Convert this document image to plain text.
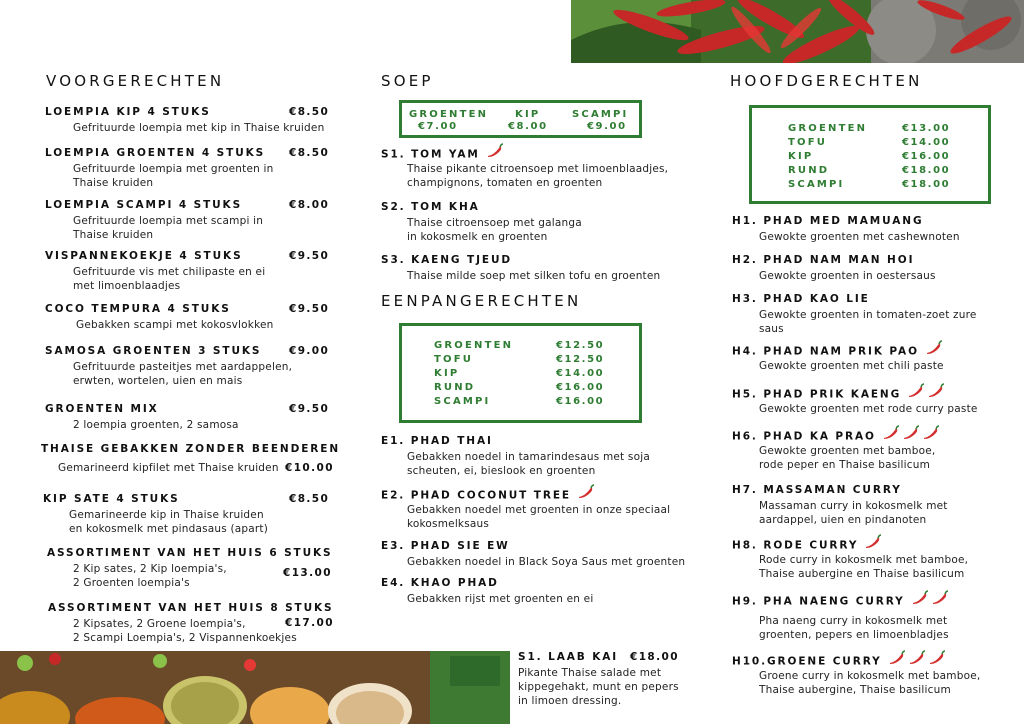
VOORGERECHTEN
LOEMPIA KIP 4 STUKS	€8.50
Gefrituurde loempia met kip in Thaise kruiden
LOEMPIA GROENTEN 4 STUKS €8.50
Gefrituurde loempia met groenten in
Thaise kruiden
LOEMPIA SCAMPI 4 STUKS	€8.00
Gefrituurde loempia met scampi in
Thaise kruiden
VISPANNEKOEKJE 4 STUKS	€9.50
Gefrituurde vis met chilipaste en ei
met limoenblaadjes
COCO TEMPURA 4 STUKS	€9.50
Gebakken scampi met kokosvlokken
SAMOSA GROENTEN 3 STUKS	€9.00
Gefrituurde pasteitjes met aardappelen,
erwten, wortelen, uien en mais
GROENTEN MIX	€9.50
2 loempia groenten, 2 samosa
THAISE GEBAKKEN ZONDER BEENDEREN
€10.00
Gemarineerd kipfilet met Thaise kruiden
KIP SATE 4 STUKS	€8.50
Gemarineerde kip in Thaise kruiden
en kokosmelk met pindasaus (apart)
ASSORTIMENT VAN HET HUIS 6 STUKS
€13.00
2 Kip sates, 2 Kip loempia's,
2 Groenten loempia's
ASSORTIMENT VAN HET HUIS 8 STUKS
€17.00
2 Kipsates, 2 Groene loempia's,
2 Scampi Loempia's, 2 Vispannenkoekjes
SOEP
GROENTEN
€7.00
KIP
€8.00
SCAMPI
€9.00
S1. TOM YAM
Thaise pikante citroensoep met limoenblaadjes,
champignons, tomaten en groenten
S2. TOM KHA
Thaise citroensoep met galanga
in kokosmelk en groenten
S3. KAENG TJEUD
Thaise milde soep met silken tofu en groenten
EENPANGERECHTEN
GROENTEN	€12.50
TOFU	€12.50
KIP	€14.00
RUND	€16.00
SCAMPI	€16.00
E1. PHAD THAI
Gebakken noedel in tamarindesaus met soja
scheuten, ei, bieslook en groenten
E2. PHAD COCONUT TREE
Gebakken noedel met groenten in onze speciaal
kokosmelksaus
E3. PHAD SIE EW
Gebakken noedel in Black Soya Saus met groenten
E4. KHAO PHAD
Gebakken rijst met groenten en ei
S1. LAAB KAI €18.00
Pikante Thaise salade met
kippegehakt, munt en pepers
in limoen dressing.
HOOFDGERECHTEN
GROENTEN	€13.00
TOFU	€14.00
KIP	€16.00
RUND	€18.00
SCAMPI	€18.00
H1. PHAD MED MAMUANG
Gewokte groenten met cashewnoten
H2. PHAD NAM MAN HOI
Gewokte groenten in oestersaus
H3. PHAD KAO LIE
Gewokte groenten in tomaten-zoet zure
saus
H4. PHAD NAM PRIK PAO
Gewokte groenten met chili paste
H5. PHAD PRIK KAENG
Gewokte groenten met rode curry paste
H6. PHAD KA PRAO
Gewokte groenten met bamboe,
rode peper en Thaise basilicum
H7. MASSAMAN CURRY
Massaman curry in kokosmelk met
aardappel, uien en pindanoten
H8. RODE CURRY
Rode curry in kokosmelk met bamboe,
Thaise aubergine en Thaise basilicum
H9. PHA NAENG CURRY
Pha naeng curry in kokosmelk met
groenten, pepers en limoenbladjes
H10.GROENE CURRY
Groene curry in kokosmelk met bamboe,
Thaise aubergine, Thaise basilicum
